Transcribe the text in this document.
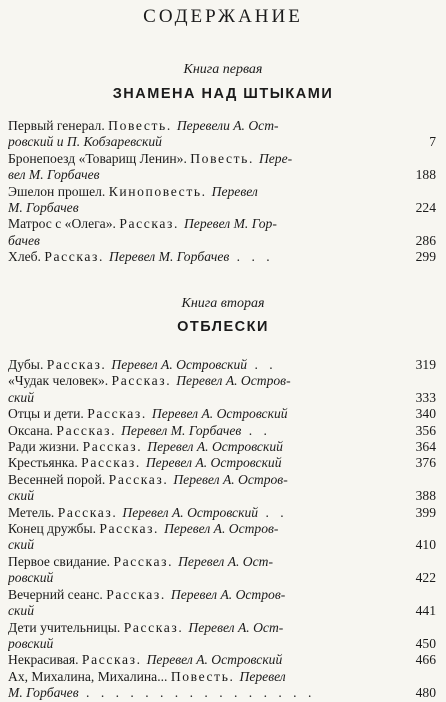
СОДЕРЖАНИЕ
Книга первая
ЗНАМЕНА НАД ШТЫКАМИ
Первый генерал. Повесть. Перевели А. Ост-
ровский и П. Кобзаревский	7
Бронепоезд «Товарищ Ленин». Повесть. Пере-
вел М. Горбачев	188
Эшелон прошел. Киноповесть. Перевел
М. Горбачев	224
Матрос с «Олега». Рассказ. Перевел М. Гор-
бачев	286
Хлеб. Рассказ. Перевел М. Горбачев . . .	299
Книга вторая
ОТБЛЕСКИ
Дубы. Рассказ. Перевел А. Островский . .	319
«Чудак человек». Рассказ. Перевел А. Остров-
ский	333
Отцы и дети. Рассказ. Перевел А. Островский	340
Оксана. Рассказ. Перевел М. Горбачев . .	356
Ради жизни. Рассказ. Перевел А. Островский	364
Крестьянка. Рассказ. Перевел А. Островский	376
Весенней порой. Рассказ. Перевел А. Остров-
ский	388
Метель. Рассказ. Перевел А. Островский . .	399
Конец дружбы. Рассказ. Перевел А. Остров-
ский	410
Первое свидание. Рассказ. Перевел А. Ост-
ровский	422
Вечерний сеанс. Рассказ. Перевел А. Остров-
ский	441
Дети учительницы. Рассказ. Перевел А. Ост-
ровский	450
Некрасивая. Рассказ. Перевел А. Островский	466
Ах, Михалина, Михалина... Повесть. Перевел
М. Горбачев . . . . . . . . . . . . . . . .	480
